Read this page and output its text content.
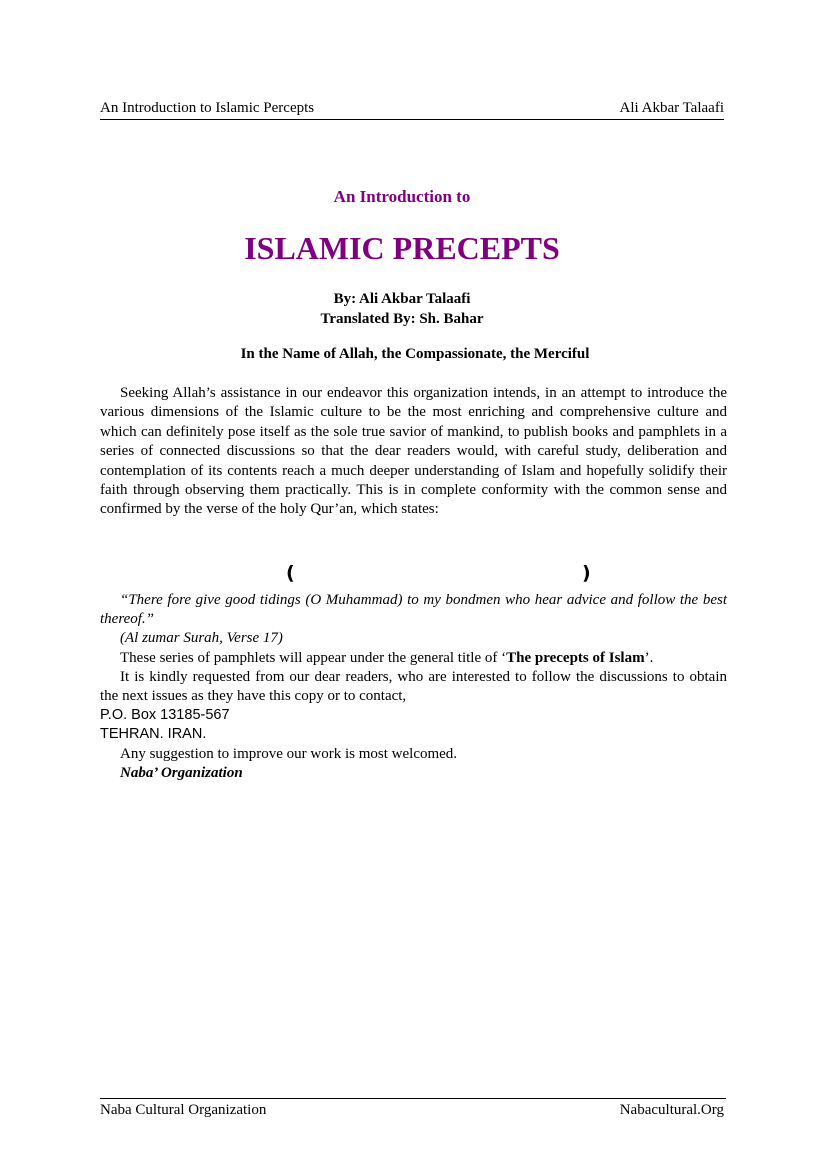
An Introduction to Islamic Percepts	Ali Akbar Talaafi
An Introduction to
ISLAMIC PRECEPTS
By: Ali Akbar Talaafi
Translated By: Sh. Bahar
In the Name of Allah, the Compassionate, the Merciful

Seeking Allah’s assistance in our endeavor this organization intends, in an attempt to introduce the various dimensions of the Islamic culture to be the most enriching and comprehensive culture and which can definitely pose itself as the sole true savior of mankind, to publish books and pamphlets in a series of connected discussions so that the dear readers would, with careful study, deliberation and contemplation of its contents reach a much deeper understanding of Islam and hopefully solidify their faith through observing them practically. This is in complete conformity with the common sense and confirmed by the verse of the holy Qur’an, which states:

(	)

“There fore give good tidings (O Muhammad) to my bondmen who hear advice and follow the best thereof.”

(Al zumar Surah, Verse 17)
These series of pamphlets will appear under the general title of ‘The precepts of Islam’.

It is kindly requested from our dear readers, who are interested to follow the discussions to obtain the next issues as they have this copy or to contact,

P.O. Box 13185-567
TEHRAN. IRAN.
Any suggestion to improve our work is most welcomed.
Naba’ Organization
Naba Cultural Organization	Nabacultural.Org
